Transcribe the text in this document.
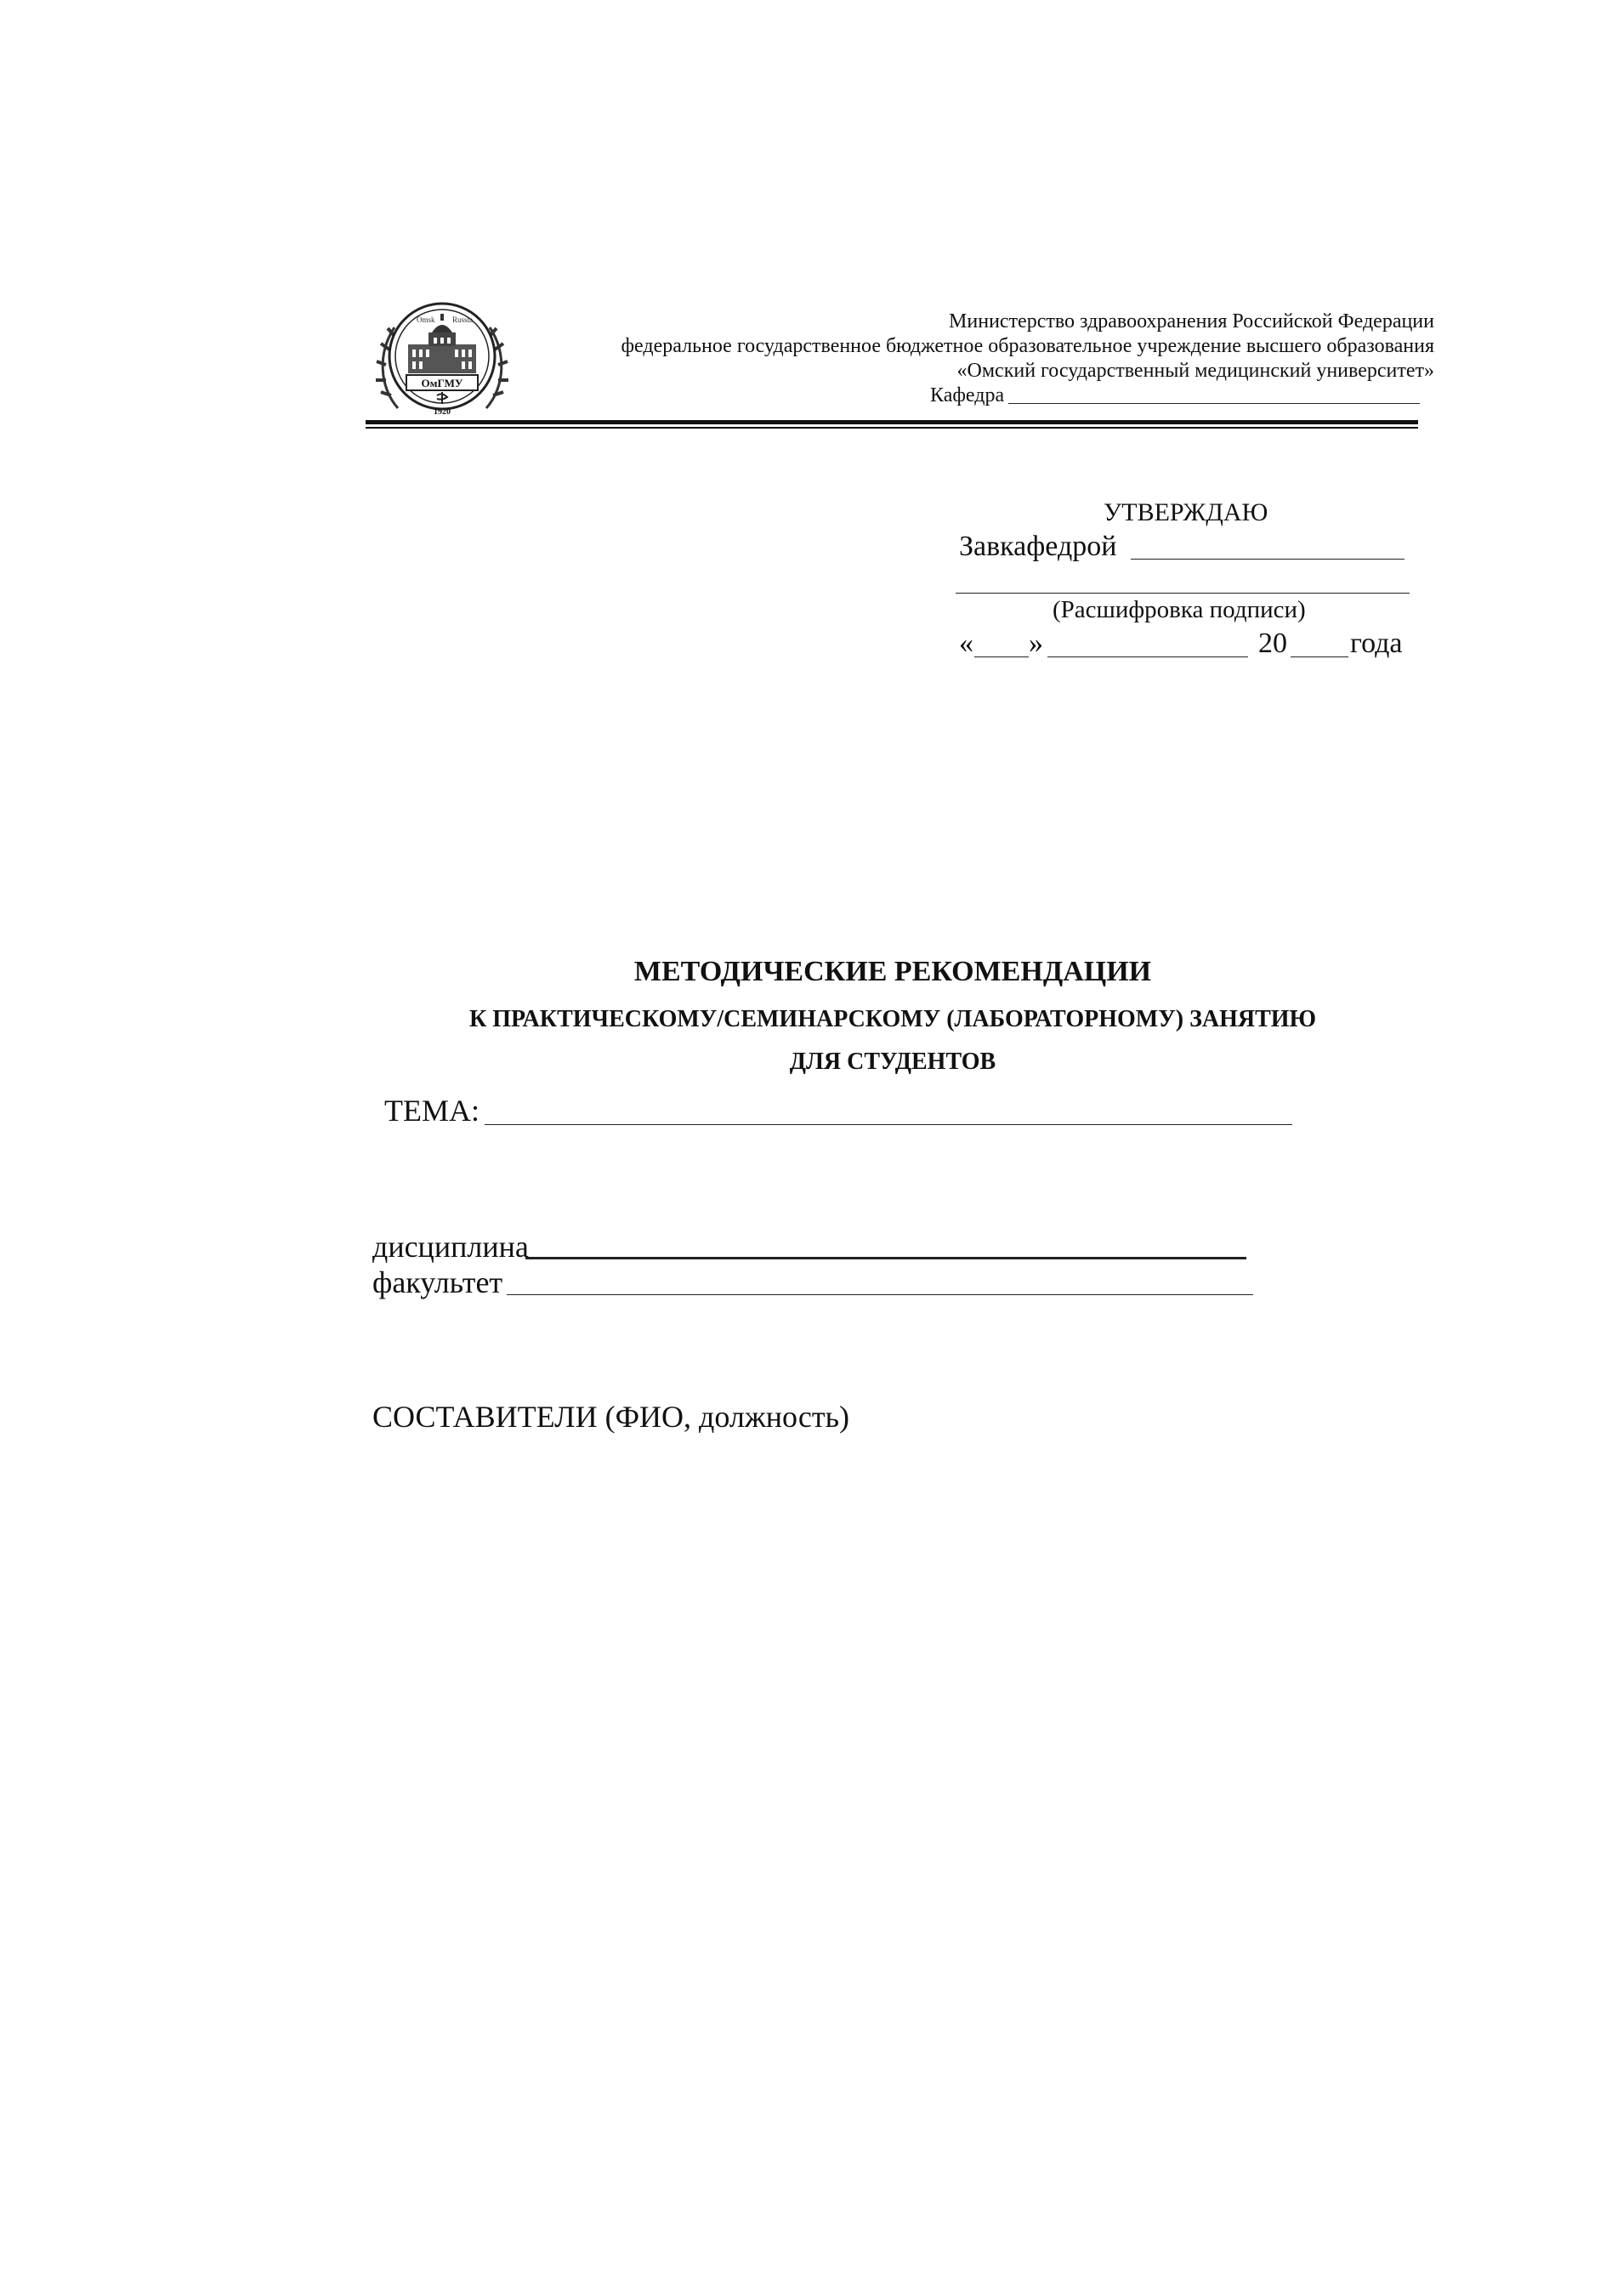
ОмГМУ
Omsk Russia
1920
Министерство здравоохранения Российской Федерации
федеральное государственное бюджетное образовательное учреждение высшего образования
«Омский государственный медицинский университет»
Кафедра
УТВЕРЖДАЮ
Завкафедрой
(Расшифровка подписи)
« »	20 года
МЕТОДИЧЕСКИЕ РЕКОМЕНДАЦИИ
К ПРАКТИЧЕСКОМУ/СЕМИНАРСКОМУ (ЛАБОРАТОРНОМУ) ЗАНЯТИЮ
ДЛЯ СТУДЕНТОВ
ТЕМА:
дисциплина
факультет
СОСТАВИТЕЛИ (ФИО, должность)
